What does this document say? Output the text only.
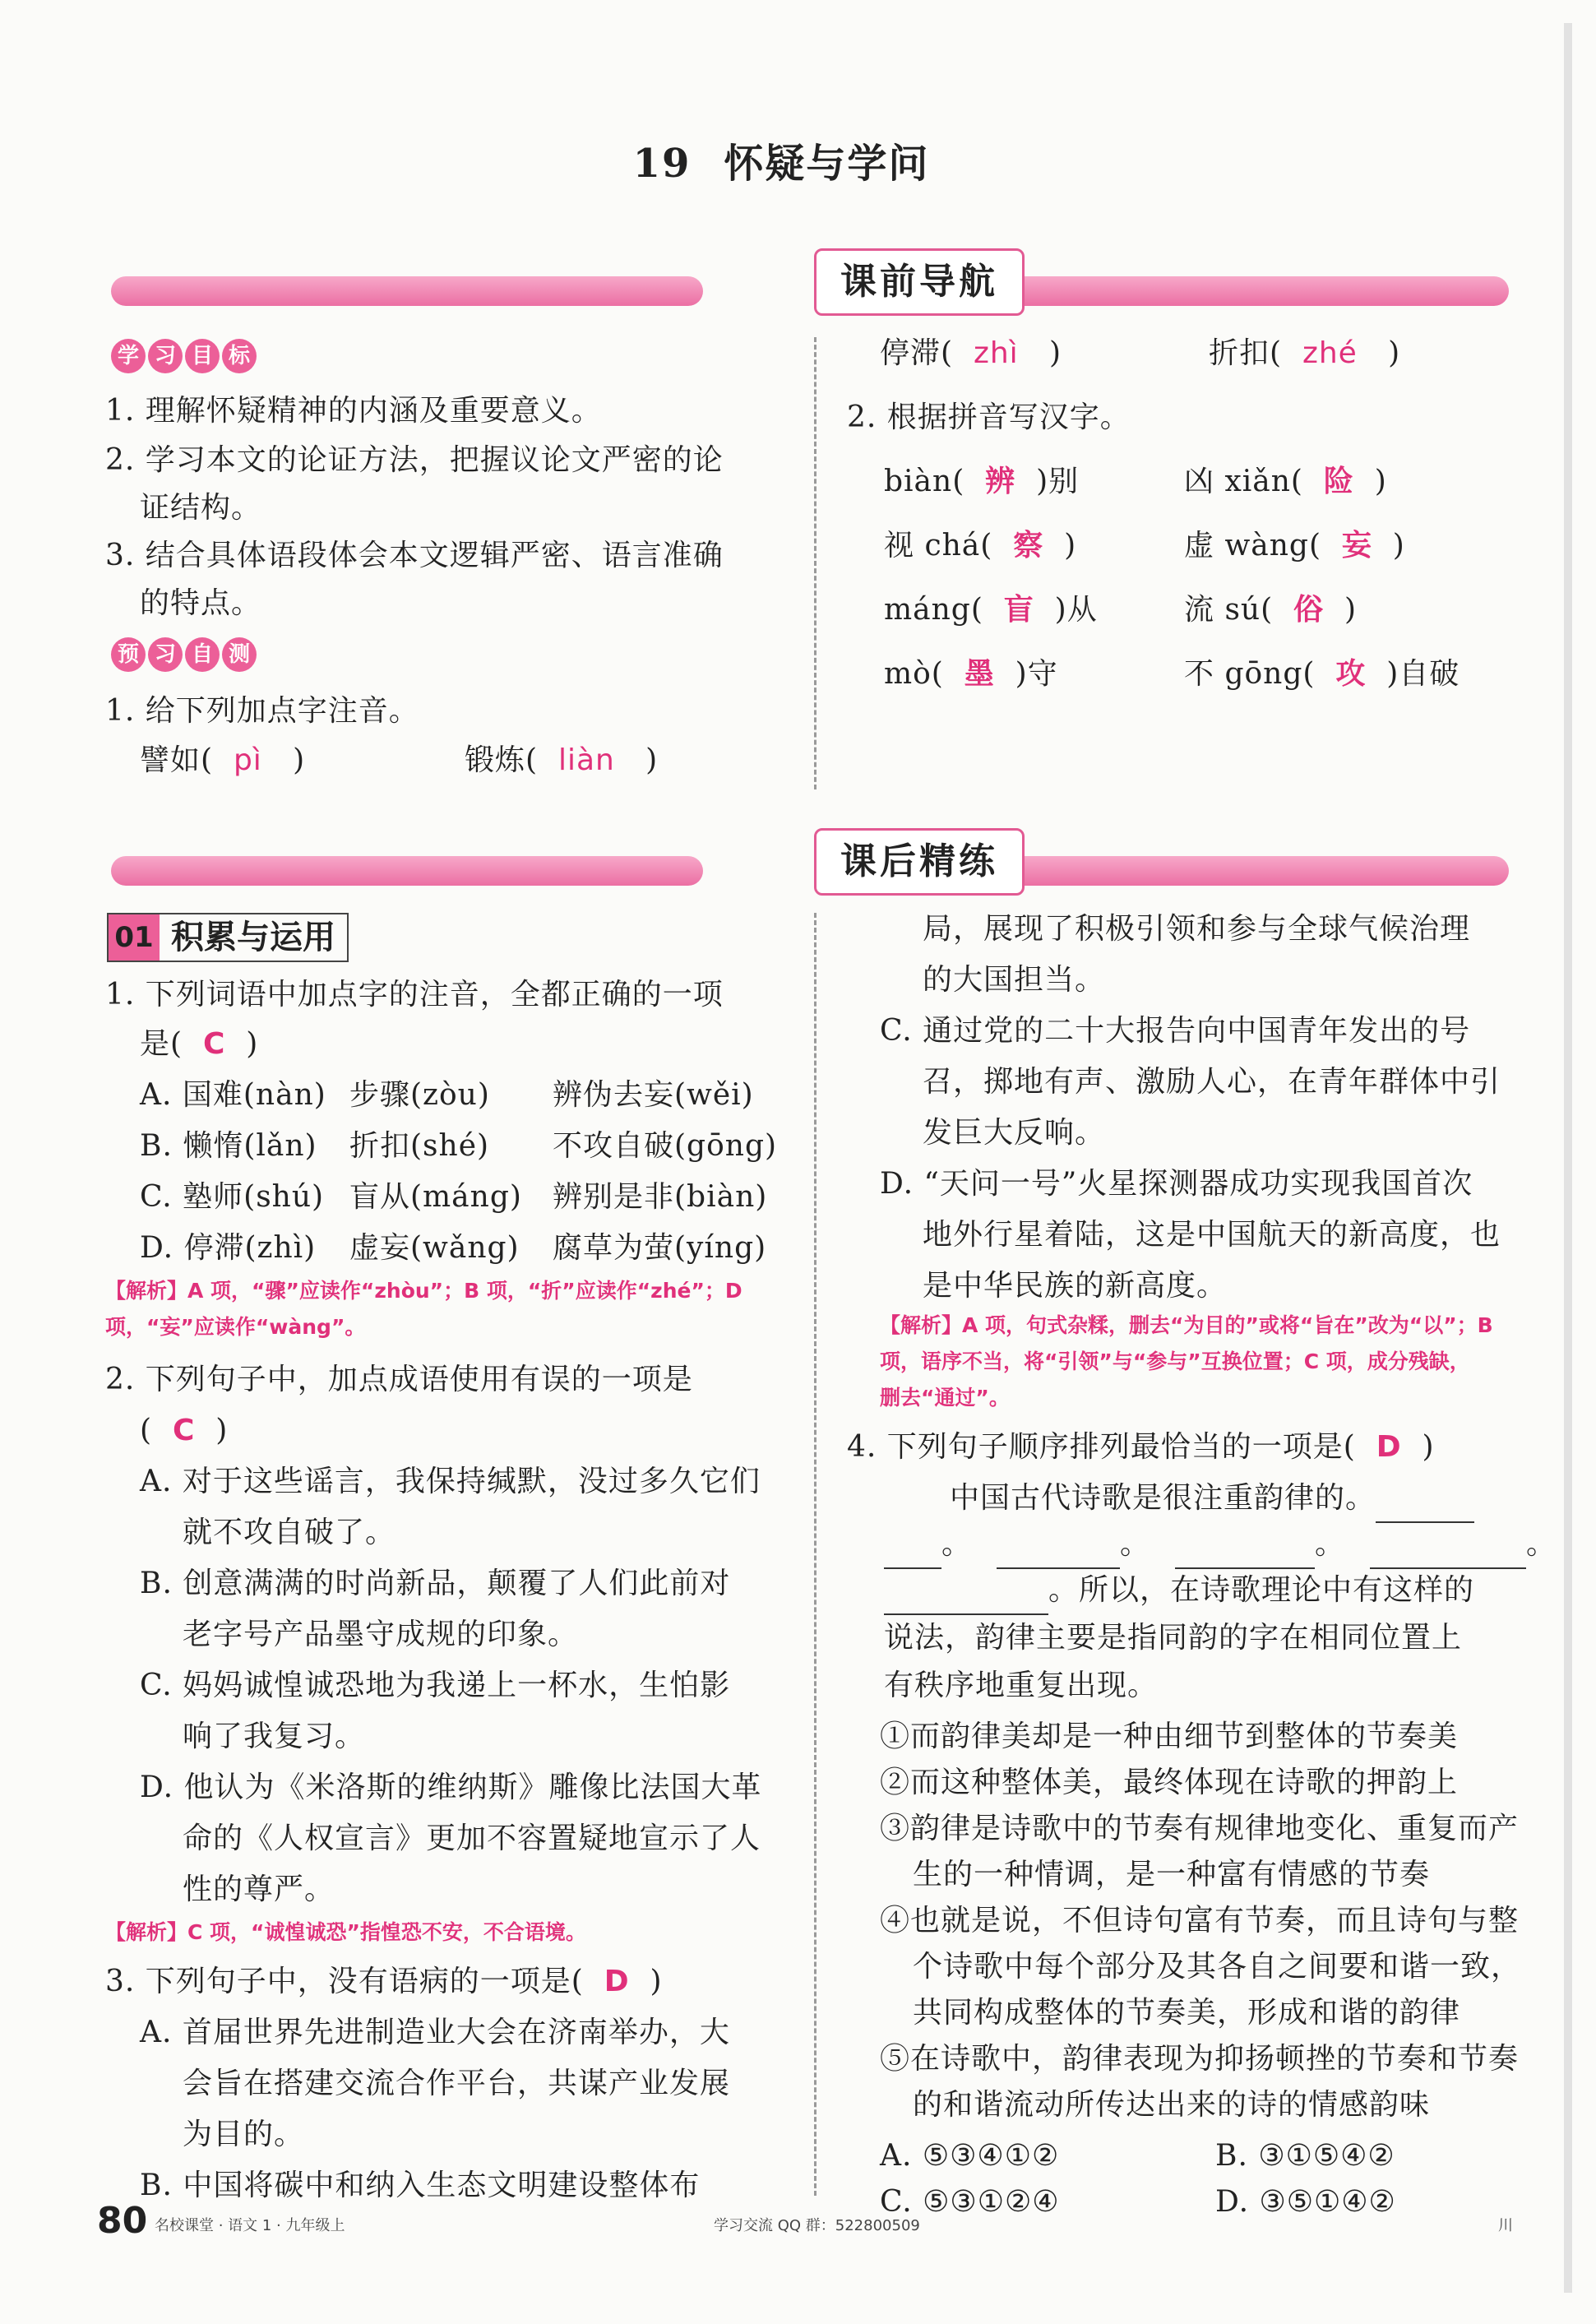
19 怀疑与学问
课前导航
学 习 目 标
1. 理解怀疑精神的内涵及重要意义。
2. 学习本文的论证方法，把握议论文严密的论
证结构。
3. 结合具体语段体会本文逻辑严密、语言准确
的特点。
预 习 自 测
1. 给下列加点字注音。
譬如( pì )	锻炼( liàn )
停滞( zhì )	折扣( zhé )
2. 根据拼音写汉字。
biàn( 辨 )别	凶 xiǎn( 险 )
视 chá( 察 )	虚 wàng( 妄 )
máng( 盲 )从	流 sú( 俗 )
mò( 墨 )守	不 gōng( 攻 )自破
课后精练
01 积累与运用
1. 下列词语中加点字的注音，全都正确的一项
是( C )
A. 国难(nàn) 步骤(zòu) 辨伪去妄(wěi)
B. 懒惰(lǎn) 折扣(shé) 不攻自破(gōng)
C. 塾师(shú) 盲从(máng) 辨别是非(biàn)
D. 停滞(zhì) 虚妄(wǎng) 腐草为萤(yíng)
【解析】A 项，“骤”应读作“zhòu”；B 项，“折”应读作“zhé”；D
项，“妄”应读作“wàng”。
2. 下列句子中，加点成语使用有误的一项是
( C )
A. 对于这些谣言，我保持缄默，没过多久它们
就不攻自破了。
B. 创意满满的时尚新品，颠覆了人们此前对
老字号产品墨守成规的印象。
C. 妈妈诚惶诚恐地为我递上一杯水，生怕影
响了我复习。
D. 他认为《米洛斯的维纳斯》雕像比法国大革
命的《人权宣言》更加不容置疑地宣示了人
性的尊严。
【解析】C 项，“诚惶诚恐”指惶恐不安，不合语境。
3. 下列句子中，没有语病的一项是( D )
A. 首届世界先进制造业大会在济南举办，大
会旨在搭建交流合作平台，共谋产业发展
为目的。
B. 中国将碳中和纳入生态文明建设整体布
局，展现了积极引领和参与全球气候治理
的大国担当。
C. 通过党的二十大报告向中国青年发出的号
召，掷地有声、激励人心，在青年群体中引
发巨大反响。
D. “天问一号”火星探测器成功实现我国首次
地外行星着陆，这是中国航天的新高度，也
是中华民族的新高度。
【解析】A 项，句式杂糅，删去“为目的”或将“旨在”改为“以”；B
项，语序不当，将“引领”与“参与”互换位置；C 项，成分残缺，
删去“通过”。
4. 下列句子顺序排列最恰当的一项是( D )
中国古代诗歌是很注重韵律的。
。	。	。	。
。所以，在诗歌理论中有这样的
说法，韵律主要是指同韵的字在相同位置上
有秩序地重复出现。
①而韵律美却是一种由细节到整体的节奏美
②而这种整体美，最终体现在诗歌的押韵上
③韵律是诗歌中的节奏有规律地变化、重复而产
生的一种情调，是一种富有情感的节奏
④也就是说，不但诗句富有节奏，而且诗句与整
个诗歌中每个部分及其各自之间要和谐一致，
共同构成整体的节奏美，形成和谐的韵律
⑤在诗歌中，韵律表现为抑扬顿挫的节奏和节奏
的和谐流动所传达出来的诗的情感韵味
A. ⑤③④①②	B. ③①⑤④②
C. ⑤③①②④	D. ③⑤①④②
80 名校课堂 · 语文 1 · 九年级上	学习交流 QQ 群：522800509	川
